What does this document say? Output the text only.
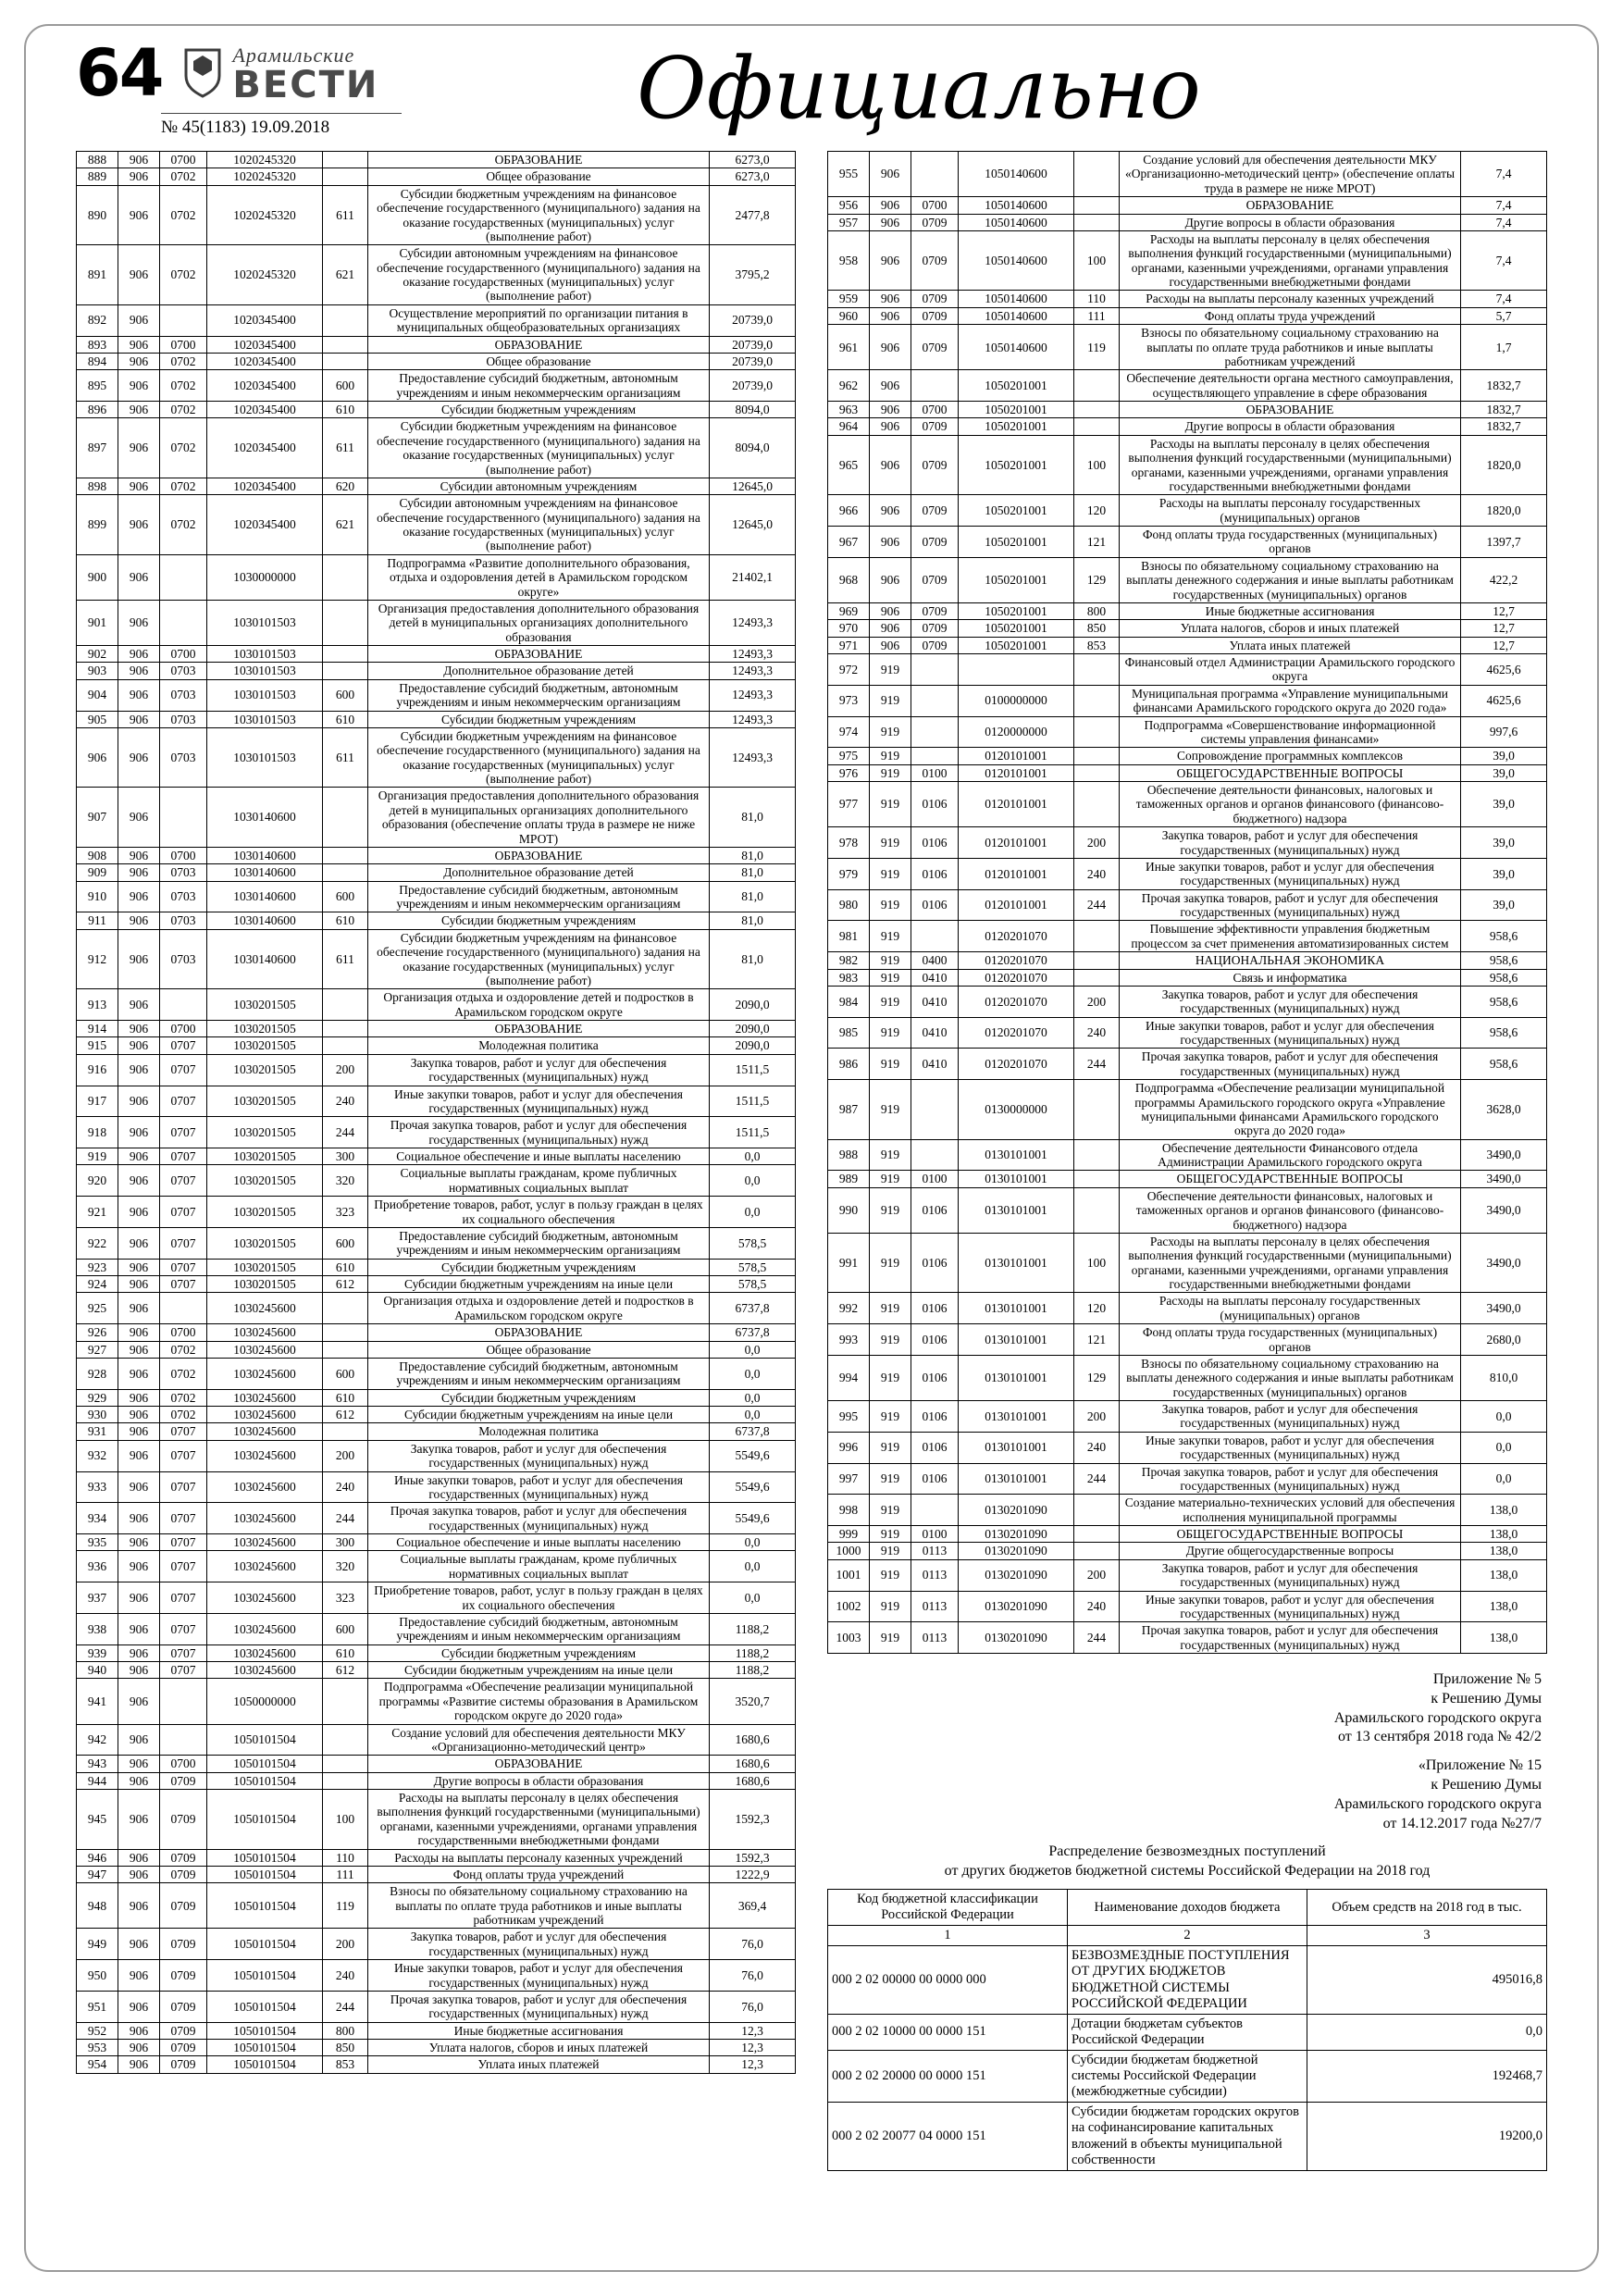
64	Арамильские
ВЕСТИ
№ 45(1183) 19.09.2018	Официально
888	906	0700	1020245320		ОБРАЗОВАНИЕ	6273,0
889	906	0702	1020245320		Общее образование	6273,0
890	906	0702	1020245320	611	Субсидии бюджетным учреждениям на финансовое обеспечение государственного (муниципального) задания на оказание государственных (муниципальных) услуг (выполнение работ)	2477,8
891	906	0702	1020245320	621	Субсидии автономным учреждениям на финансовое обеспечение государственного (муниципального) задания на оказание государственных (муниципальных) услуг (выполнение работ)	3795,2
892	906		1020345400		Осуществление мероприятий по организации питания в муниципальных общеобразовательных организациях	20739,0
893	906	0700	1020345400		ОБРАЗОВАНИЕ	20739,0
894	906	0702	1020345400		Общее образование	20739,0
895	906	0702	1020345400	600	Предоставление субсидий бюджетным, автономным учреждениям и иным некоммерческим организациям	20739,0
896	906	0702	1020345400	610	Субсидии бюджетным учреждениям	8094,0
897	906	0702	1020345400	611	Субсидии бюджетным учреждениям на финансовое обеспечение государственного (муниципального) задания на оказание государственных (муниципальных) услуг (выполнение работ)	8094,0
898	906	0702	1020345400	620	Субсидии автономным учреждениям	12645,0
899	906	0702	1020345400	621	Субсидии автономным учреждениям на финансовое обеспечение государственного (муниципального) задания на оказание государственных (муниципальных) услуг (выполнение работ)	12645,0
900	906		1030000000		Подпрограмма «Развитие дополнительного образования, отдыха и оздоровления детей в Арамильском городском округе»	21402,1
901	906		1030101503		Организация предоставления дополнительного образования детей в муниципальных организациях дополнительного образования	12493,3
902	906	0700	1030101503		ОБРАЗОВАНИЕ	12493,3
903	906	0703	1030101503		Дополнительное образование детей	12493,3
904	906	0703	1030101503	600	Предоставление субсидий бюджетным, автономным учреждениям и иным некоммерческим организациям	12493,3
905	906	0703	1030101503	610	Субсидии бюджетным учреждениям	12493,3
906	906	0703	1030101503	611	Субсидии бюджетным учреждениям на финансовое обеспечение государственного (муниципального) задания на оказание государственных (муниципальных) услуг (выполнение работ)	12493,3
907	906		1030140600		Организация предоставления дополнительного образования детей в муниципальных организациях дополнительного образования (обеспечение оплаты труда в размере не ниже МРОТ)	81,0
908	906	0700	1030140600		ОБРАЗОВАНИЕ	81,0
909	906	0703	1030140600		Дополнительное образование детей	81,0
910	906	0703	1030140600	600	Предоставление субсидий бюджетным, автономным учреждениям и иным некоммерческим организациям	81,0
911	906	0703	1030140600	610	Субсидии бюджетным учреждениям	81,0
912	906	0703	1030140600	611	Субсидии бюджетным учреждениям на финансовое обеспечение государственного (муниципального) задания на оказание государственных (муниципальных) услуг (выполнение работ)	81,0
913	906		1030201505		Организация отдыха и оздоровление детей и подростков в Арамильском городском округе	2090,0
914	906	0700	1030201505		ОБРАЗОВАНИЕ	2090,0
915	906	0707	1030201505		Молодежная политика	2090,0
916	906	0707	1030201505	200	Закупка товаров, работ и услуг для обеспечения государственных (муниципальных) нужд	1511,5
917	906	0707	1030201505	240	Иные закупки товаров, работ и услуг для обеспечения государственных (муниципальных) нужд	1511,5
918	906	0707	1030201505	244	Прочая закупка товаров, работ и услуг для обеспечения государственных (муниципальных) нужд	1511,5
919	906	0707	1030201505	300	Социальное обеспечение и иные выплаты населению	0,0
920	906	0707	1030201505	320	Социальные выплаты гражданам, кроме публичных нормативных социальных выплат	0,0
921	906	0707	1030201505	323	Приобретение товаров, работ, услуг в пользу граждан в целях их социального обеспечения	0,0
922	906	0707	1030201505	600	Предоставление субсидий бюджетным, автономным учреждениям и иным некоммерческим организациям	578,5
923	906	0707	1030201505	610	Субсидии бюджетным учреждениям	578,5
924	906	0707	1030201505	612	Субсидии бюджетным учреждениям на иные цели	578,5
925	906		1030245600		Организация отдыха и оздоровление детей и подростков в Арамильском городском округе	6737,8
926	906	0700	1030245600		ОБРАЗОВАНИЕ	6737,8
927	906	0702	1030245600		Общее образование	0,0
928	906	0702	1030245600	600	Предоставление субсидий бюджетным, автономным учреждениям и иным некоммерческим организациям	0,0
929	906	0702	1030245600	610	Субсидии бюджетным учреждениям	0,0
930	906	0702	1030245600	612	Субсидии бюджетным учреждениям на иные цели	0,0
931	906	0707	1030245600		Молодежная политика	6737,8
932	906	0707	1030245600	200	Закупка товаров, работ и услуг для обеспечения государственных (муниципальных) нужд	5549,6
933	906	0707	1030245600	240	Иные закупки товаров, работ и услуг для обеспечения государственных (муниципальных) нужд	5549,6
934	906	0707	1030245600	244	Прочая закупка товаров, работ и услуг для обеспечения государственных (муниципальных) нужд	5549,6
935	906	0707	1030245600	300	Социальное обеспечение и иные выплаты населению	0,0
936	906	0707	1030245600	320	Социальные выплаты гражданам, кроме публичных нормативных социальных выплат	0,0
937	906	0707	1030245600	323	Приобретение товаров, работ, услуг в пользу граждан в целях их социального обеспечения	0,0
938	906	0707	1030245600	600	Предоставление субсидий бюджетным, автономным учреждениям и иным некоммерческим организациям	1188,2
939	906	0707	1030245600	610	Субсидии бюджетным учреждениям	1188,2
940	906	0707	1030245600	612	Субсидии бюджетным учреждениям на иные цели	1188,2
941	906		1050000000		Подпрограмма «Обеспечение реализации муниципальной программы «Развитие системы образования в Арамильском городском округе до 2020 года»	3520,7
942	906		1050101504		Создание условий для обеспечения деятельности МКУ «Организационно-методический центр»	1680,6
943	906	0700	1050101504		ОБРАЗОВАНИЕ	1680,6
944	906	0709	1050101504		Другие вопросы в области образования	1680,6
945	906	0709	1050101504	100	Расходы на выплаты персоналу в целях обеспечения выполнения функций государственными (муниципальными) органами, казенными учреждениями, органами управления государственными внебюджетными фондами	1592,3
946	906	0709	1050101504	110	Расходы на выплаты персоналу казенных учреждений	1592,3
947	906	0709	1050101504	111	Фонд оплаты труда учреждений	1222,9
948	906	0709	1050101504	119	Взносы по обязательному социальному страхованию на выплаты по оплате труда работников и иные выплаты работникам учреждений	369,4
949	906	0709	1050101504	200	Закупка товаров, работ и услуг для обеспечения государственных (муниципальных) нужд	76,0
950	906	0709	1050101504	240	Иные закупки товаров, работ и услуг для обеспечения государственных (муниципальных) нужд	76,0
951	906	0709	1050101504	244	Прочая закупка товаров, работ и услуг для обеспечения государственных (муниципальных) нужд	76,0
952	906	0709	1050101504	800	Иные бюджетные ассигнования	12,3
953	906	0709	1050101504	850	Уплата налогов, сборов и иных платежей	12,3
954	906	0709	1050101504	853	Уплата иных платежей	12,3
955	906		1050140600		Создание условий для обеспечения деятельности МКУ «Организационно-методический центр» (обеспечение оплаты труда в размере не ниже МРОТ)	7,4
956	906	0700	1050140600		ОБРАЗОВАНИЕ	7,4
957	906	0709	1050140600		Другие вопросы в области образования	7,4
958	906	0709	1050140600	100	Расходы на выплаты персоналу в целях обеспечения выполнения функций государственными (муниципальными) органами, казенными учреждениями, органами управления государственными внебюджетными фондами	7,4
959	906	0709	1050140600	110	Расходы на выплаты персоналу казенных учреждений	7,4
960	906	0709	1050140600	111	Фонд оплаты труда учреждений	5,7
961	906	0709	1050140600	119	Взносы по обязательному социальному страхованию на выплаты по оплате труда работников и иные выплаты работникам учреждений	1,7
962	906		1050201001		Обеспечение деятельности органа местного самоуправления, осуществляющего управление в сфере образования	1832,7
963	906	0700	1050201001		ОБРАЗОВАНИЕ	1832,7
964	906	0709	1050201001		Другие вопросы в области образования	1832,7
965	906	0709	1050201001	100	Расходы на выплаты персоналу в целях обеспечения выполнения функций государственными (муниципальными) органами, казенными учреждениями, органами управления государственными внебюджетными фондами	1820,0
966	906	0709	1050201001	120	Расходы на выплаты персоналу государственных (муниципальных) органов	1820,0
967	906	0709	1050201001	121	Фонд оплаты труда государственных (муниципальных) органов	1397,7
968	906	0709	1050201001	129	Взносы по обязательному социальному страхованию на выплаты денежного содержания и иные выплаты работникам государственных (муниципальных) органов	422,2
969	906	0709	1050201001	800	Иные бюджетные ассигнования	12,7
970	906	0709	1050201001	850	Уплата налогов, сборов и иных платежей	12,7
971	906	0709	1050201001	853	Уплата иных платежей	12,7
972	919				Финансовый отдел Администрации Арамильского городского округа	4625,6
973	919		0100000000		Муниципальная программа «Управление муниципальными финансами Арамильского городского округа до 2020 года»	4625,6
974	919		0120000000		Подпрограмма «Совершенствование информационной системы управления финансами»	997,6
975	919		0120101001		Сопровождение программных комплексов	39,0
976	919	0100	0120101001		ОБЩЕГОСУДАРСТВЕННЫЕ ВОПРОСЫ	39,0
977	919	0106	0120101001		Обеспечение деятельности финансовых, налоговых и таможенных органов и органов финансового (финансово-бюджетного) надзора	39,0
978	919	0106	0120101001	200	Закупка товаров, работ и услуг для обеспечения государственных (муниципальных) нужд	39,0
979	919	0106	0120101001	240	Иные закупки товаров, работ и услуг для обеспечения государственных (муниципальных) нужд	39,0
980	919	0106	0120101001	244	Прочая закупка товаров, работ и услуг для обеспечения государственных (муниципальных) нужд	39,0
981	919		0120201070		Повышение эффективности управления бюджетным процессом за счет применения автоматизированных систем	958,6
982	919	0400	0120201070		НАЦИОНАЛЬНАЯ ЭКОНОМИКА	958,6
983	919	0410	0120201070		Связь и информатика	958,6
984	919	0410	0120201070	200	Закупка товаров, работ и услуг для обеспечения государственных (муниципальных) нужд	958,6
985	919	0410	0120201070	240	Иные закупки товаров, работ и услуг для обеспечения государственных (муниципальных) нужд	958,6
986	919	0410	0120201070	244	Прочая закупка товаров, работ и услуг для обеспечения государственных (муниципальных) нужд	958,6
987	919		0130000000		Подпрограмма «Обеспечение реализации муниципальной программы Арамильского городского округа «Управление муниципальными финансами Арамильского городского округа до 2020 года»	3628,0
988	919		0130101001		Обеспечение деятельности Финансового отдела Администрации Арамильского городского округа	3490,0
989	919	0100	0130101001		ОБЩЕГОСУДАРСТВЕННЫЕ ВОПРОСЫ	3490,0
990	919	0106	0130101001		Обеспечение деятельности финансовых, налоговых и таможенных органов и органов финансового (финансово-бюджетного) надзора	3490,0
991	919	0106	0130101001	100	Расходы на выплаты персоналу в целях обеспечения выполнения функций государственными (муниципальными) органами, казенными учреждениями, органами управления государственными внебюджетными фондами	3490,0
992	919	0106	0130101001	120	Расходы на выплаты персоналу государственных (муниципальных) органов	3490,0
993	919	0106	0130101001	121	Фонд оплаты труда государственных (муниципальных) органов	2680,0
994	919	0106	0130101001	129	Взносы по обязательному социальному страхованию на выплаты денежного содержания и иные выплаты работникам государственных (муниципальных) органов	810,0
995	919	0106	0130101001	200	Закупка товаров, работ и услуг для обеспечения государственных (муниципальных) нужд	0,0
996	919	0106	0130101001	240	Иные закупки товаров, работ и услуг для обеспечения государственных (муниципальных) нужд	0,0
997	919	0106	0130101001	244	Прочая закупка товаров, работ и услуг для обеспечения государственных (муниципальных) нужд	0,0
998	919		0130201090		Создание материально-технических условий для обеспечения исполнения муниципальной программы	138,0
999	919	0100	0130201090		ОБЩЕГОСУДАРСТВЕННЫЕ ВОПРОСЫ	138,0
1000	919	0113	0130201090		Другие общегосударственные вопросы	138,0
1001	919	0113	0130201090	200	Закупка товаров, работ и услуг для обеспечения государственных (муниципальных) нужд	138,0
1002	919	0113	0130201090	240	Иные закупки товаров, работ и услуг для обеспечения государственных (муниципальных) нужд	138,0
1003	919	0113	0130201090	244	Прочая закупка товаров, работ и услуг для обеспечения государственных (муниципальных) нужд	138,0
Приложение № 5
к Решению Думы
Арамильского городского округа
от 13 сентября 2018 года № 42/2
«Приложение № 15
к Решению Думы
Арамильского городского округа
от 14.12.2017 года №27/7
Распределение безвозмездных поступлений
от других бюджетов бюджетной системы Российской Федерации на 2018 год
Код бюджетной классификации Российской Федерации	Наименование доходов бюджета	Объем средств на 2018 год в тыс.
1	2	3
000 2 02 00000 00 0000 000	БЕЗВОЗМЕЗДНЫЕ ПОСТУПЛЕНИЯ ОТ ДРУГИХ БЮДЖЕТОВ БЮДЖЕТНОЙ СИСТЕМЫ РОССИЙСКОЙ ФЕДЕРАЦИИ	495016,8
000 2 02 10000 00 0000 151	Дотации бюджетам субъектов Российской Федерации	0,0
000 2 02 20000 00 0000 151	Субсидии бюджетам бюджетной системы Российской Федерации (межбюджетные субсидии)	192468,7
000 2 02 20077 04 0000 151	Субсидии бюджетам городских округов на софинансирование капитальных вложений в объекты муниципальной собственности	19200,0
